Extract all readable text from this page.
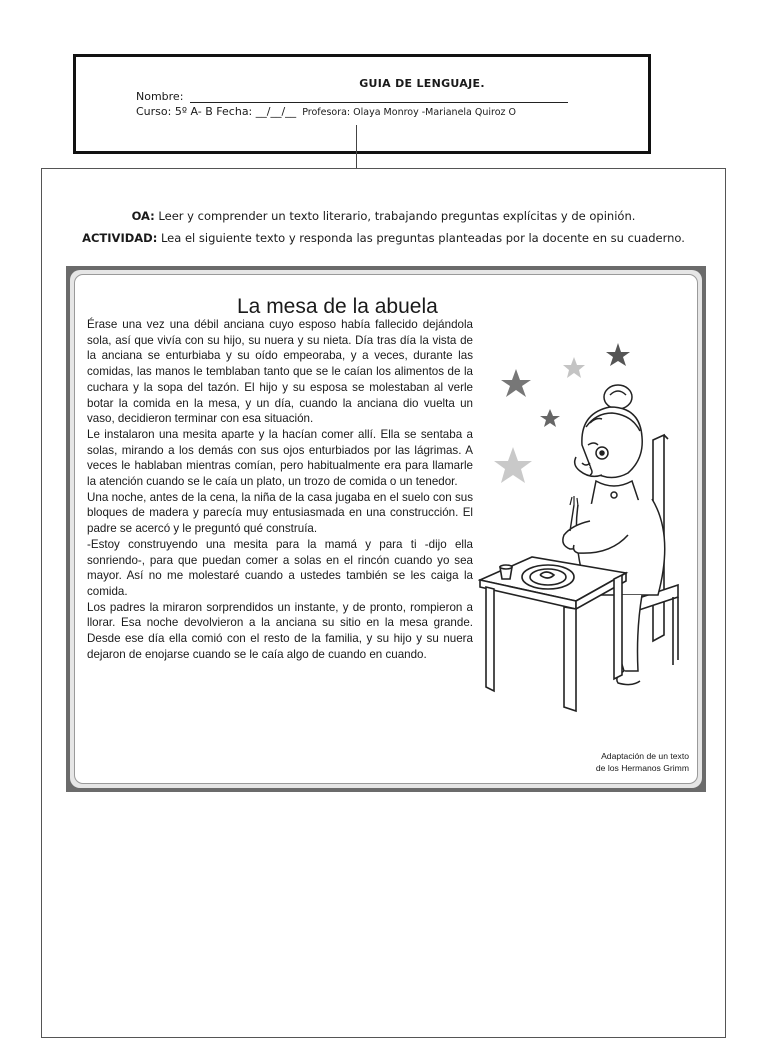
GUIA DE LENGUAJE.
Nombre:
Curso: 5º A- B Fecha: __/__/__ Profesora: Olaya Monroy -Marianela Quiroz O
OA: Leer y comprender un texto literario, trabajando preguntas explícitas y de opinión.
ACTIVIDAD: Lea el siguiente texto y responda las preguntas planteadas por la docente en su cuaderno.
La mesa de la abuela

Érase una vez una débil anciana cuyo esposo había fallecido dejándola sola, así que vivía con su hijo, su nuera y su nieta. Día tras día la vista de la anciana se enturbiaba y su oído empeoraba, y a veces, durante las comidas, las manos le temblaban tanto que se le caían los alimentos de la cuchara y la sopa del tazón. El hijo y su esposa se molestaban al verle botar la comida en la mesa, y un día, cuando la anciana dio vuelta un vaso, decidieron terminar con esa situación.

Le instalaron una mesita aparte y la hacían comer allí. Ella se sentaba a solas, mirando a los demás con sus ojos enturbiados por las lágrimas. A veces le hablaban mientras comían, pero habitualmente era para llamarle la atención cuando se le caía un plato, un trozo de comida o un tenedor.

Una noche, antes de la cena, la niña de la casa jugaba en el suelo con sus bloques de madera y parecía muy entusiasmada en una construcción. El padre se acercó y le preguntó qué construía.

-Estoy construyendo una mesita para la mamá y para ti -dijo ella sonriendo-, para que puedan comer a solas en el rincón cuando yo sea mayor. Así no me molestaré cuando a ustedes también se les caiga la comida.

Los padres la miraron sorprendidos un instante, y de pronto, rompieron a llorar. Esa noche devolvieron a la anciana su sitio en la mesa grande. Desde ese día ella comió con el resto de la familia, y su hijo y su nuera dejaron de enojarse cuando se le caía algo de cuando en cuando.

Adaptación de un texto
de los Hermanos Grimm
